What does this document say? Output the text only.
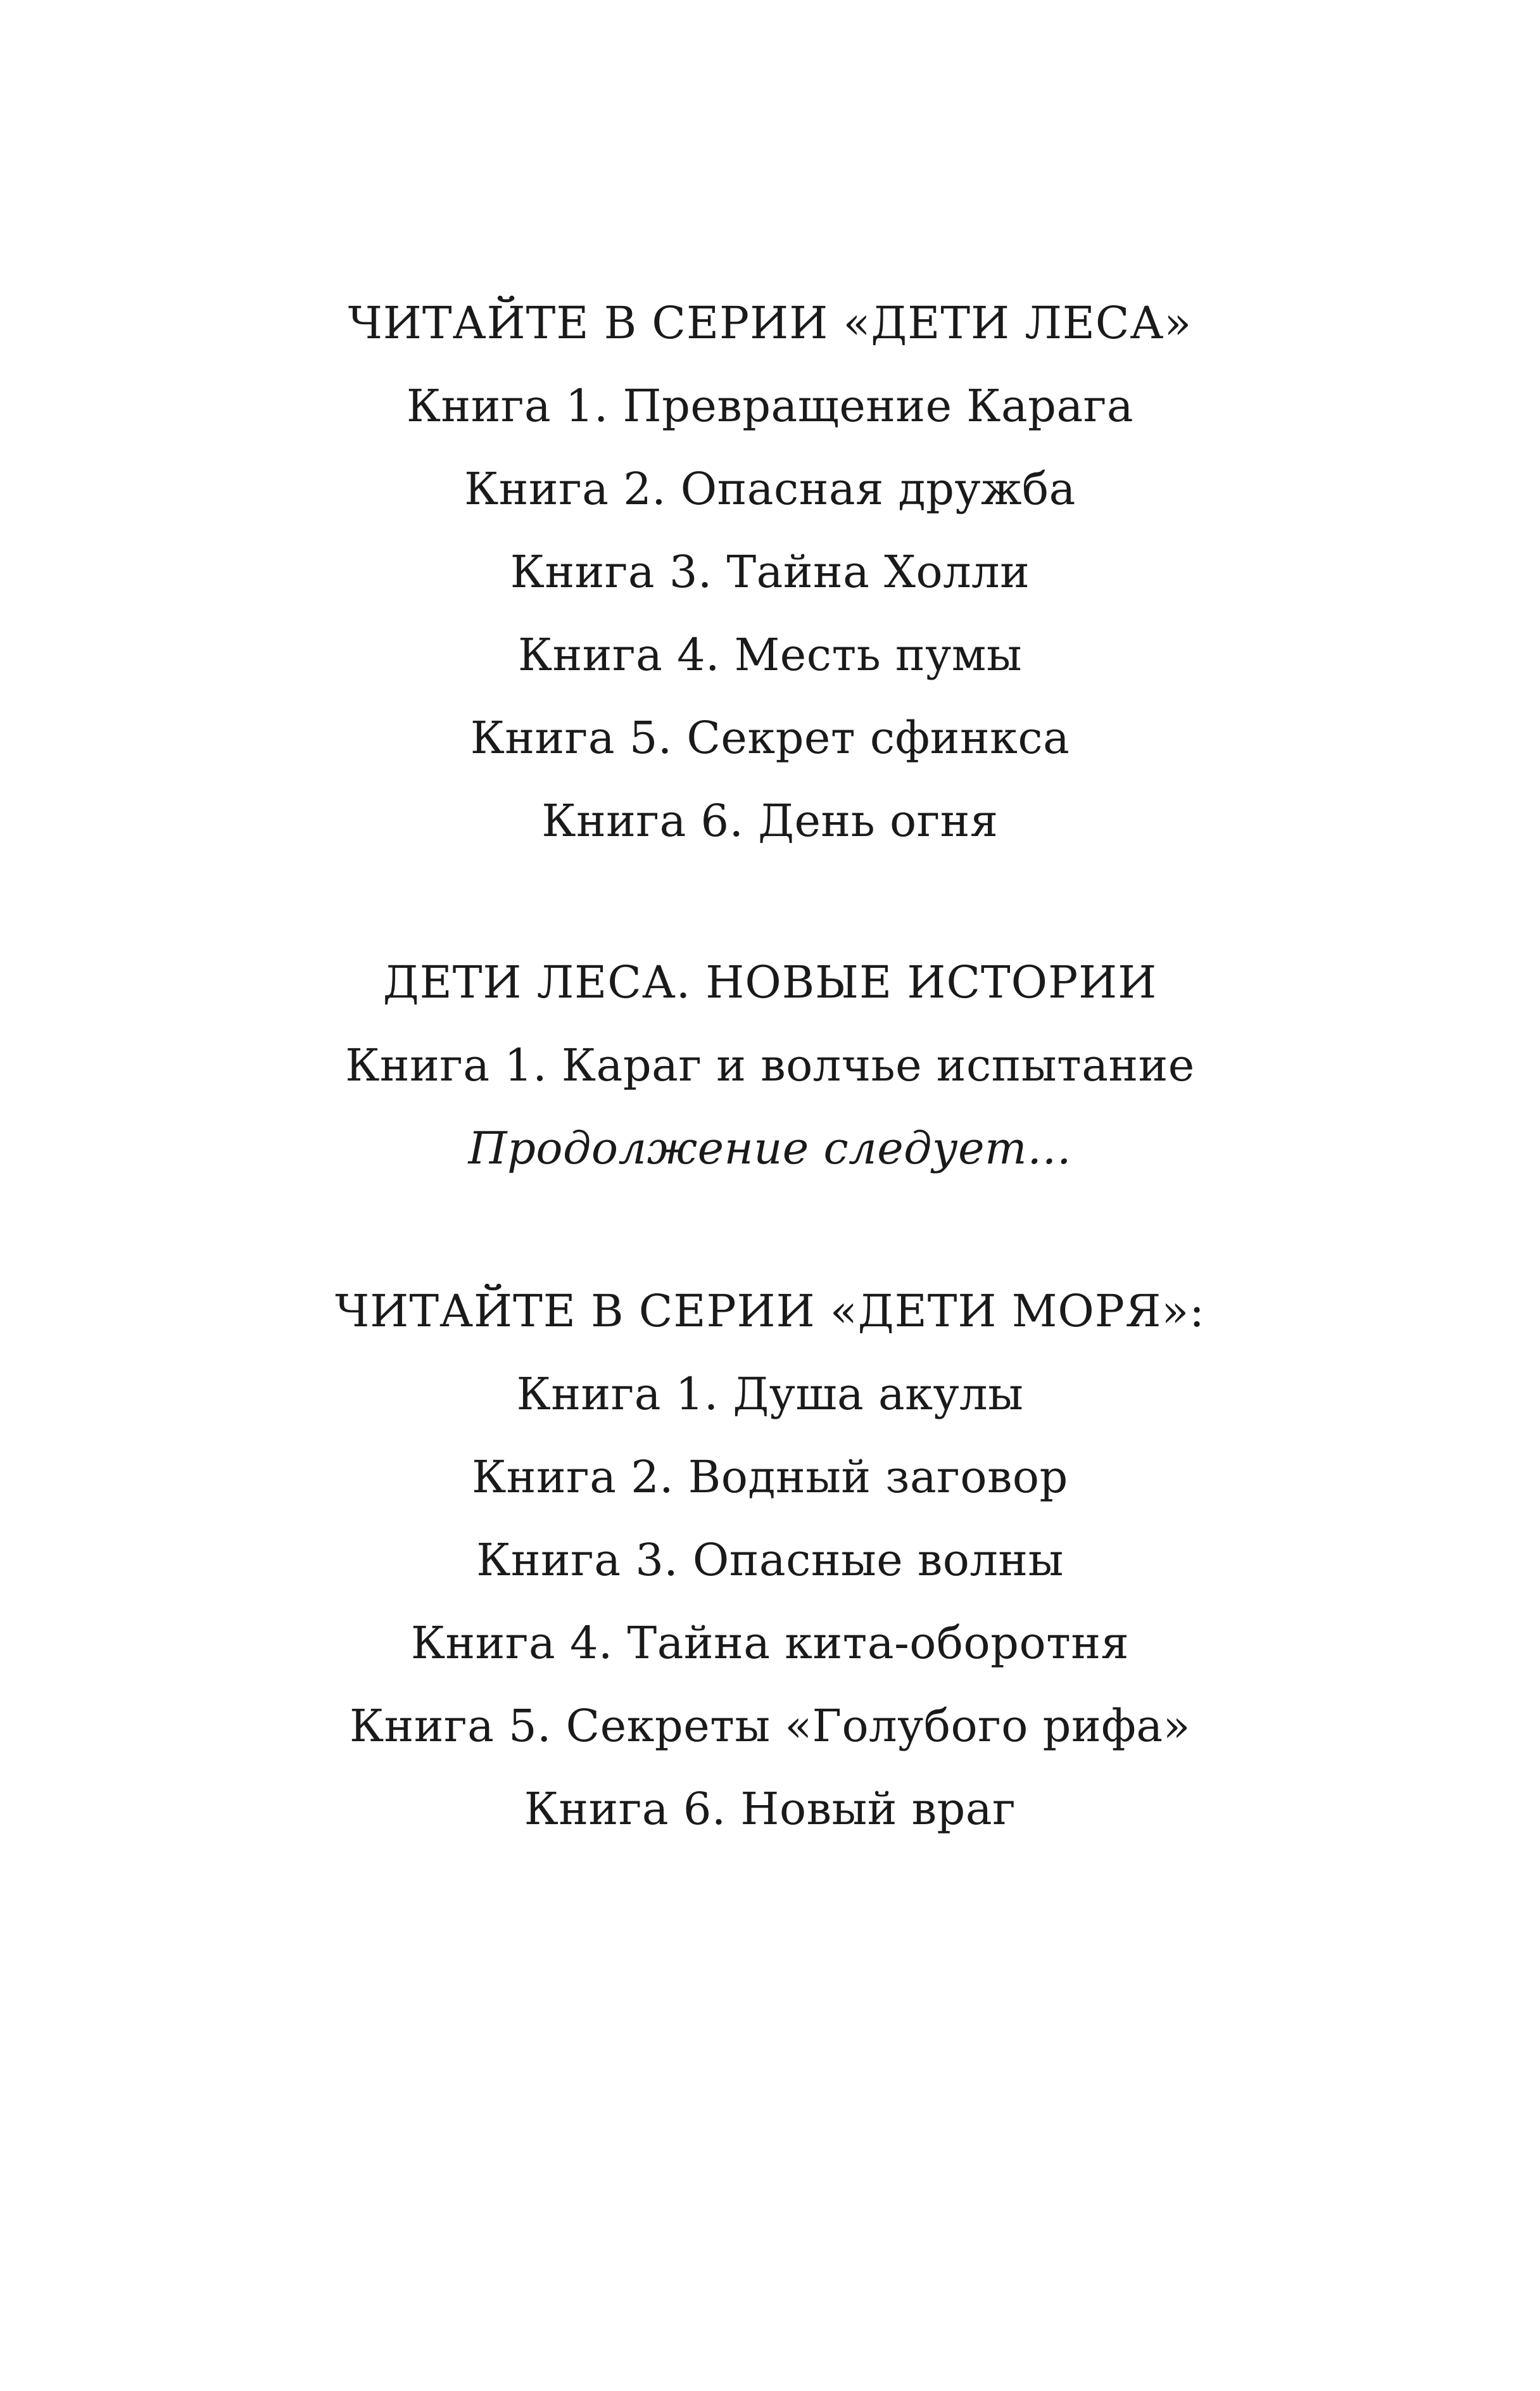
ЧИТАЙТЕ В СЕРИИ «ДЕТИ ЛЕСА»
Книга 1. Превращение Карага
Книга 2. Опасная дружба
Книга 3. Тайна Холли
Книга 4. Месть пумы
Книга 5. Секрет сфинкса
Книга 6. День огня
ДЕТИ ЛЕСА. НОВЫЕ ИСТОРИИ
Книга 1. Караг и волчье испытание
Продолжение следует…
ЧИТАЙТЕ В СЕРИИ «ДЕТИ МОРЯ»:
Книга 1. Душа акулы
Книга 2. Водный заговор
Книга 3. Опасные волны
Книга 4. Тайна кита-оборотня
Книга 5. Секреты «Голубого рифа»
Книга 6. Новый враг
